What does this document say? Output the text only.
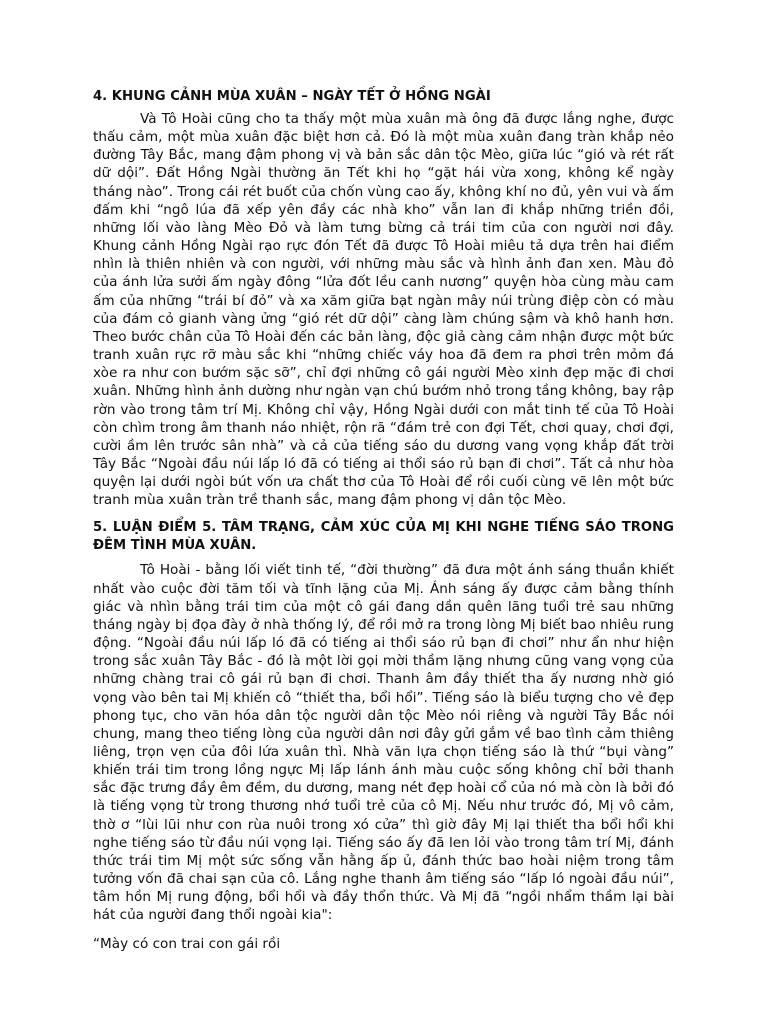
4. KHUNG CẢNH MÙA XUÂN – NGÀY TẾT Ở HỒNG NGÀI

Và Tô Hoài cũng cho ta thấy một mùa xuân mà ông đã được lắng nghe, được thấu cảm, một mùa xuân đặc biệt hơn cả. Đó là một mùa xuân đang tràn khắp nẻo đường Tây Bắc, mang đậm phong vị và bản sắc dân tộc Mèo, giữa lúc “gió và rét rất dữ dội”. Đất Hồng Ngài thường ăn Tết khi họ “gặt hái vừa xong, không kể ngày tháng nào”. Trong cái rét buốt của chốn vùng cao ấy, không khí no đủ, yên vui và ấm đấm khi “ngô lúa đã xếp yên đầy các nhà kho” vẫn lan đi khắp những triền đồi, những lối vào làng Mèo Đỏ và làm tưng bừng cả trái tim của con người nơi đây. Khung cảnh Hồng Ngài rạo rực đón Tết đã được Tô Hoài miêu tả dựa trên hai điểm nhìn là thiên nhiên và con người, với những màu sắc và hình ảnh đan xen. Màu đỏ của ánh lửa sưởi ấm ngày đông “lửa đốt lều canh nương” quyện hòa cùng màu cam ấm của những “trái bí đỏ” và xa xăm giữa bạt ngàn mây núi trùng điệp còn có màu của đám cỏ gianh vàng ửng “gió rét dữ dội” càng làm chúng sậm và khô hanh hơn. Theo bước chân của Tô Hoài đến các bản làng, độc giả càng cảm nhận được một bức tranh xuân rực rỡ màu sắc khi “những chiếc váy hoa đã đem ra phơi trên mỏm đá xòe ra như con bướm sặc sỡ”, chỉ đợi những cô gái người Mèo xinh đẹp mặc đi chơi xuân. Những hình ảnh dường như ngàn vạn chú bướm nhỏ trong tầng không, bay rập rờn vào trong tâm trí Mị. Không chỉ vậy, Hồng Ngài dưới con mắt tinh tế của Tô Hoài còn chìm trong âm thanh náo nhiệt, rộn rã “đám trẻ con đợi Tết, chơi quay, chơi đợi, cười ầm lên trước sân nhà” và cả của tiếng sáo du dương vang vọng khắp đất trời Tây Bắc “Ngoài đầu núi lấp ló đã có tiếng ai thổi sáo rủ bạn đi chơi”. Tất cả như hòa quyện lại dưới ngòi bút vốn ưa chất thơ của Tô Hoài để rồi cuối cùng vẽ lên một bức tranh mùa xuân tràn trề thanh sắc, mang đậm phong vị dân tộc Mèo.

5. LUẬN ĐIỂM 5. TÂM TRẠNG, CẢM XÚC CỦA MỊ KHI NGHE TIẾNG SÁO TRONG ĐÊM TÌNH MÙA XUÂN.

Tô Hoài - bằng lối viết tinh tế, “đời thường” đã đưa một ánh sáng thuần khiết nhất vào cuộc đời tăm tối và tĩnh lặng của Mị. Ánh sáng ấy được cảm bằng thính giác và nhìn bằng trái tim của một cô gái đang dần quên lãng tuổi trẻ sau những tháng ngày bị đọa đày ở nhà thống lý, để rồi mở ra trong lòng Mị biết bao nhiêu rung động. “Ngoài đầu núi lấp ló đã có tiếng ai thổi sáo rủ bạn đi chơi” như ẩn như hiện trong sắc xuân Tây Bắc - đó là một lời gọi mời thầm lặng nhưng cũng vang vọng của những chàng trai cô gái rủ bạn đi chơi. Thanh âm đầy thiết tha ấy nương nhờ gió vọng vào bên tai Mị khiến cô “thiết tha, bổi hổi”. Tiếng sáo là biểu tượng cho vẻ đẹp phong tục, cho văn hóa dân tộc người dân tộc Mèo nói riêng và người Tây Bắc nói chung, mang theo tiếng lòng của người dân nơi đây gửi gắm về bao tình cảm thiêng liêng, trọn vẹn của đôi lứa xuân thì. Nhà văn lựa chọn tiếng sáo là thứ “bụi vàng” khiến trái tim trong lồng ngực Mị lấp lánh ánh màu cuộc sống không chỉ bởi thanh sắc đặc trưng đầy êm đềm, du dương, mang nét đẹp hoài cổ của nó mà còn là bởi đó là tiếng vọng từ trong thương nhớ tuổi trẻ của cô Mị. Nếu như trước đó, Mị vô cảm, thờ ơ “lùi lũi như con rùa nuôi trong xó cửa” thì giờ đây Mị lại thiết tha bổi hổi khi nghe tiếng sáo từ đầu núi vọng lại. Tiếng sáo ấy đã len lỏi vào trong tâm trí Mị, đánh thức trái tim Mị một sức sống vẫn hằng ấp ủ, đánh thức bao hoài niệm trong tâm tưởng vốn đã chai sạn của cô. Lắng nghe thanh âm tiếng sáo “lấp ló ngoài đầu núi”, tâm hồn Mị rung động, bổi hổi và đầy thổn thức. Và Mị đã “ngồi nhẩm thầm lại bài hát của người đang thổi ngoài kia":

“Mày có con trai con gái rồi
